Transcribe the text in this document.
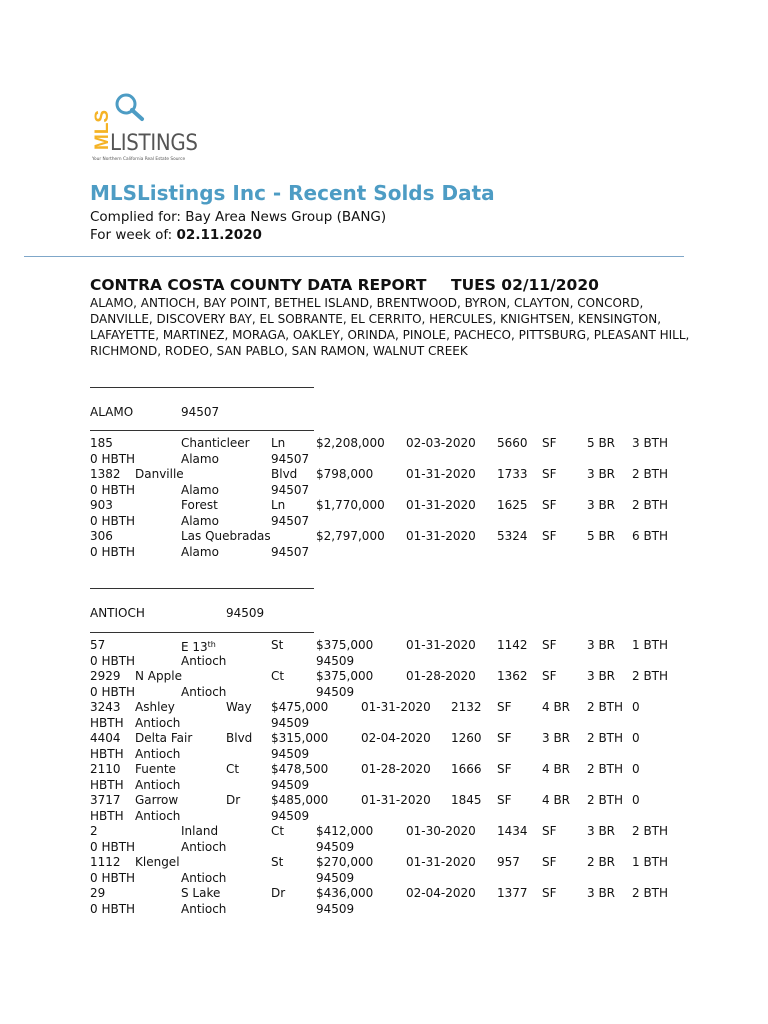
MLS
LISTINGS
Your Northern California Real Estate Source
MLSListings Inc - Recent Solds Data
Complied for: Bay Area News Group (BANG)
For week of: 02.11.2020
CONTRA COSTA COUNTY DATA REPORT TUES 02/11/2020
ALAMO, ANTIOCH, BAY POINT, BETHEL ISLAND, BRENTWOOD, BYRON, CLAYTON, CONCORD, DANVILLE, DISCOVERY BAY, EL SOBRANTE, EL CERRITO, HERCULES, KNIGHTSEN, KENSINGTON, LAFAYETTE, MARTINEZ, MORAGA, OAKLEY, ORINDA, PINOLE, PACHECO, PITTSBURG, PLEASANT HILL, RICHMOND, RODEO, SAN PABLO, SAN RAMON, WALNUT CREEK
ALAMO	94507
185	Chanticleer Ln	$2,208,000 02-03-2020 5660 SF	5 BR 3 BTH
0 HBTH	Alamo	94507
1382 Danville	Blvd $798,000	01-31-2020 1733 SF	3 BR 2 BTH
0 HBTH	Alamo	94507
903	Forest	Ln	$1,770,000 01-31-2020 1625 SF	3 BR 2 BTH
0 HBTH	Alamo	94507
306	Las Quebradas	$2,797,000 01-31-2020 5324 SF	5 BR 6 BTH
0 HBTH	Alamo	94507
ANTIOCH	94509
57	E 13th	St	$375,000	01-31-2020 1142 SF	3 BR 1 BTH
0 HBTH	Antioch	94509
2929 N Apple	Ct	$375,000	01-28-2020 1362 SF	3 BR 2 BTH
0 HBTH	Antioch	94509
3243 Ashley	Way $475,000	01-31-2020 2132 SF	4 BR 2 BTH 0
HBTH Antioch	94509
4404 Delta Fair	Blvd $315,000	02-04-2020 1260 SF	3 BR 2 BTH 0
HBTH Antioch	94509
2110 Fuente	Ct	$478,500	01-28-2020 1666 SF	4 BR 2 BTH 0
HBTH Antioch	94509
3717 Garrow	Dr	$485,000	01-31-2020 1845 SF	4 BR 2 BTH 0
HBTH Antioch	94509
2	Inland	Ct	$412,000	01-30-2020 1434 SF	3 BR 2 BTH
0 HBTH	Antioch	94509
1112 Klengel	St	$270,000	01-31-2020 957 SF	2 BR 1 BTH
0 HBTH	Antioch	94509
29	S Lake	Dr	$436,000	02-04-2020 1377 SF	3 BR 2 BTH
0 HBTH	Antioch	94509
